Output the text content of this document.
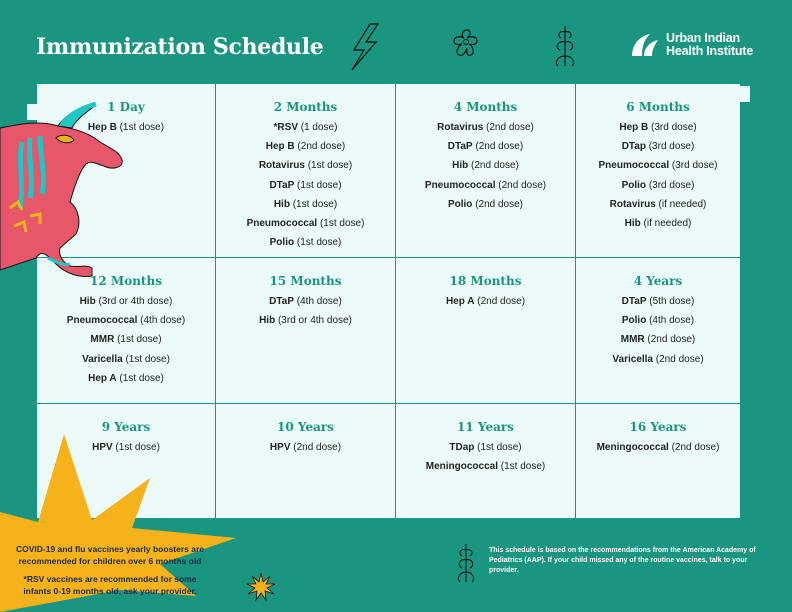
Immunization Schedule	Urban Indian
Health Institute
1 Day
Hep B (1st dose)
2 Months
*RSV (1 dose)
Hep B (2nd dose)
Rotavirus (1st dose)
DTaP (1st dose)
Hib (1st dose)
Pneumococcal (1st dose)
Polio (1st dose)
4 Months
Rotavirus (2nd dose)
DTaP (2nd dose)
Hib (2nd dose)
Pneumococcal (2nd dose)
Polio (2nd dose)
6 Months
Hep B (3rd dose)
DTap (3rd dose)
Pneumococcal (3rd dose)
Polio (3rd dose)
Rotavirus (if needed)
Hib (if needed)
12 Months
Hib (3rd or 4th dose)
Pneumococcal (4th dose)
MMR (1st dose)
Varicella (1st dose)
Hep A (1st dose)
15 Months
DTaP (4th dose)
Hib (3rd or 4th dose)
18 Months
Hep A (2nd dose)
4 Years
DTaP (5th dose)
Polio (4th dose)
MMR (2nd dose)
Varicella (2nd dose)
9 Years
HPV (1st dose)
10 Years
HPV (2nd dose)
11 Years
TDap (1st dose)
Meningococcal (1st dose)
16 Years
Meningococcal (2nd dose)

COVID-19 and flu vaccines yearly boosters are recommended for children over 6 months old

*RSV vaccines are recommended for some infants 0-19 months old, ask your provider.

This schedule is based on the recommendations from the American Academy of Pediatrics (AAP). If your child missed any of the routine vaccines, talk to your provider.
